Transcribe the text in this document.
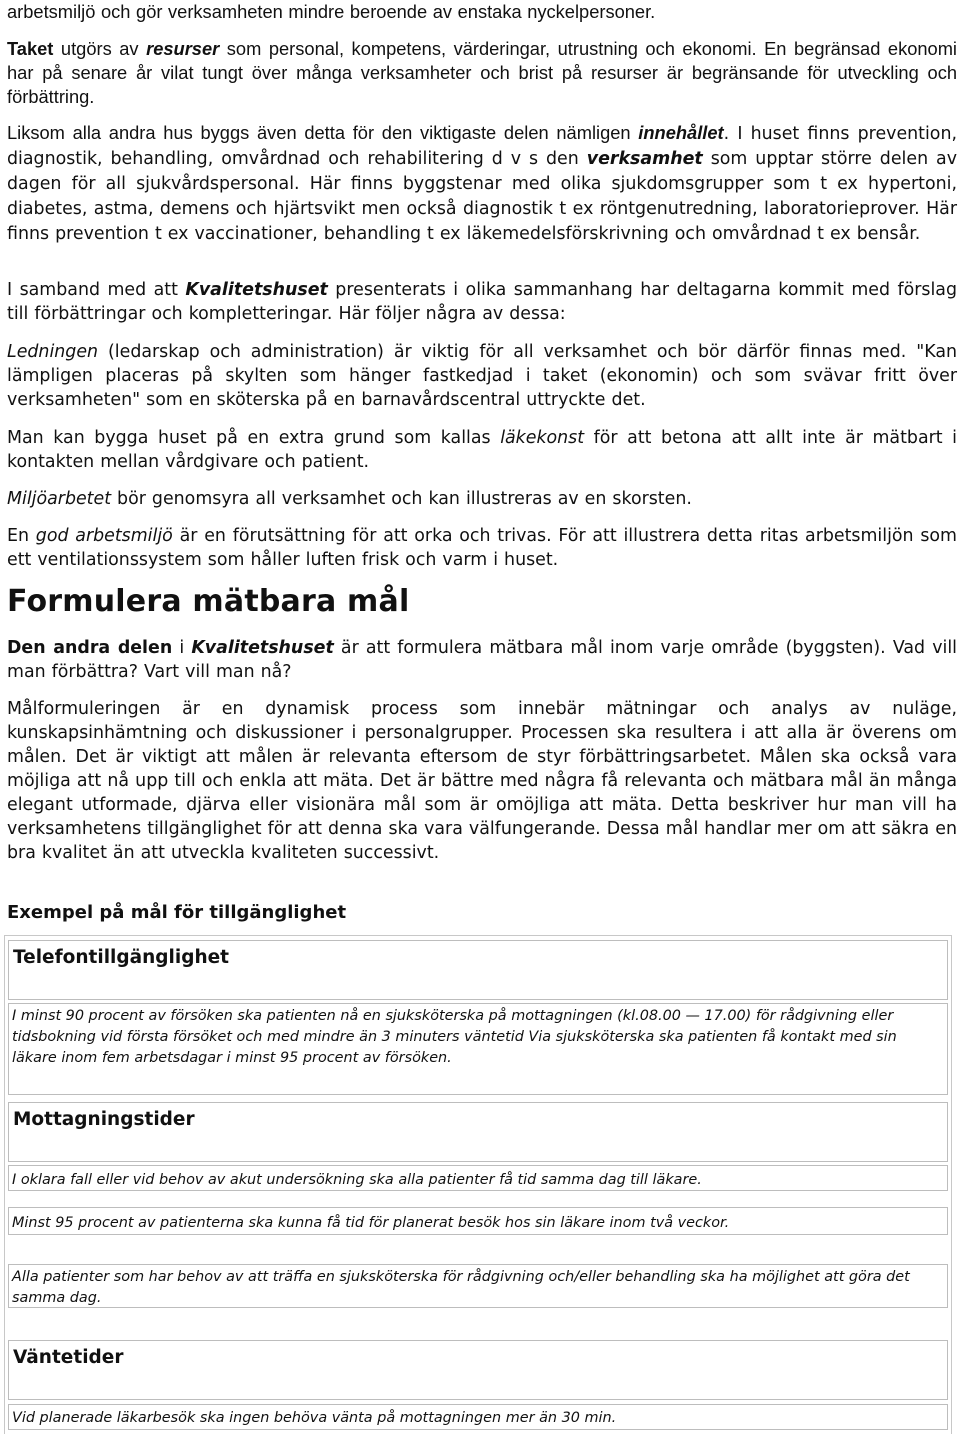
arbetsmiljö och gör verksamheten mindre beroende av enstaka nyckelpersoner.

Taket utgörs av resurser som personal, kompetens, värderingar, utrustning och ekonomi. En begränsad ekonomi har på senare år vilat tungt över många verksamheter och brist på resurser är begränsande för utveckling och förbättring.

Liksom alla andra hus byggs även detta för den viktigaste delen nämligen innehållet. I huset finns prevention, diagnostik, behandling, omvårdnad och rehabilitering d v s den verksamhet som upptar större delen av dagen för all sjukvårdspersonal. Här finns byggstenar med olika sjukdomsgrupper som t ex hypertoni, diabetes, astma, demens och hjärtsvikt men också diagnostik t ex röntgenutredning, laboratorieprover. Här finns prevention t ex vaccinationer, behandling t ex läkemedelsförskrivning och omvårdnad t ex bensår.

I samband med att Kvalitetshuset presenterats i olika sammanhang har deltagarna kommit med förslag till förbättringar och kompletteringar. Här följer några av dessa:

Ledningen (ledarskap och administration) är viktig för all verksamhet och bör därför finnas med. "Kan lämpligen placeras på skylten som hänger fastkedjad i taket (ekonomin) och som svävar fritt över verksamheten" som en sköterska på en barnavårdscentral uttryckte det.

Man kan bygga huset på en extra grund som kallas läkekonst för att betona att allt inte är mätbart i kontakten mellan vårdgivare och patient.

Miljöarbetet bör genomsyra all verksamhet och kan illustreras av en skorsten.

En god arbetsmiljö är en förutsättning för att orka och trivas. För att illustrera detta ritas arbetsmiljön som ett ventilationssystem som håller luften frisk och varm i huset.

Formulera mätbara mål

Den andra delen i Kvalitetshuset är att formulera mätbara mål inom varje område (byggsten). Vad vill man förbättra? Vart vill man nå?

Målformuleringen är en dynamisk process som innebär mätningar och analys av nuläge, kunskapsinhämtning och diskussioner i personalgrupper. Processen ska resultera i att alla är överens om målen. Det är viktigt att målen är relevanta eftersom de styr förbättringsarbetet. Målen ska också vara möjliga att nå upp till och enkla att mäta. Det är bättre med några få relevanta och mätbara mål än många elegant utformade, djärva eller visionära mål som är omöjliga att mäta. Detta beskriver hur man vill ha verksamhetens tillgänglighet för att denna ska vara välfungerande. Dessa mål handlar mer om att säkra en bra kvalitet än att utveckla kvaliteten successivt.

Exempel på mål för tillgänglighet
Telefontillgänglighet
I minst 90 procent av försöken ska patienten nå en sjuksköterska på mottagningen (kl.08.00 — 17.00) för rådgivning eller tidsbokning vid första försöket och med mindre än 3 minuters väntetid Via sjuksköterska ska patienten få kontakt med sin läkare inom fem arbetsdagar i minst 95 procent av försöken.
Mottagningstider
I oklara fall eller vid behov av akut undersökning ska alla patienter få tid samma dag till läkare.
Minst 95 procent av patienterna ska kunna få tid för planerat besök hos sin läkare inom två veckor.
Alla patienter som har behov av att träffa en sjuksköterska för rådgivning och/eller behandling ska ha möjlighet att göra det samma dag.
Väntetider
Vid planerade läkarbesök ska ingen behöva vänta på mottagningen mer än 30 min.
